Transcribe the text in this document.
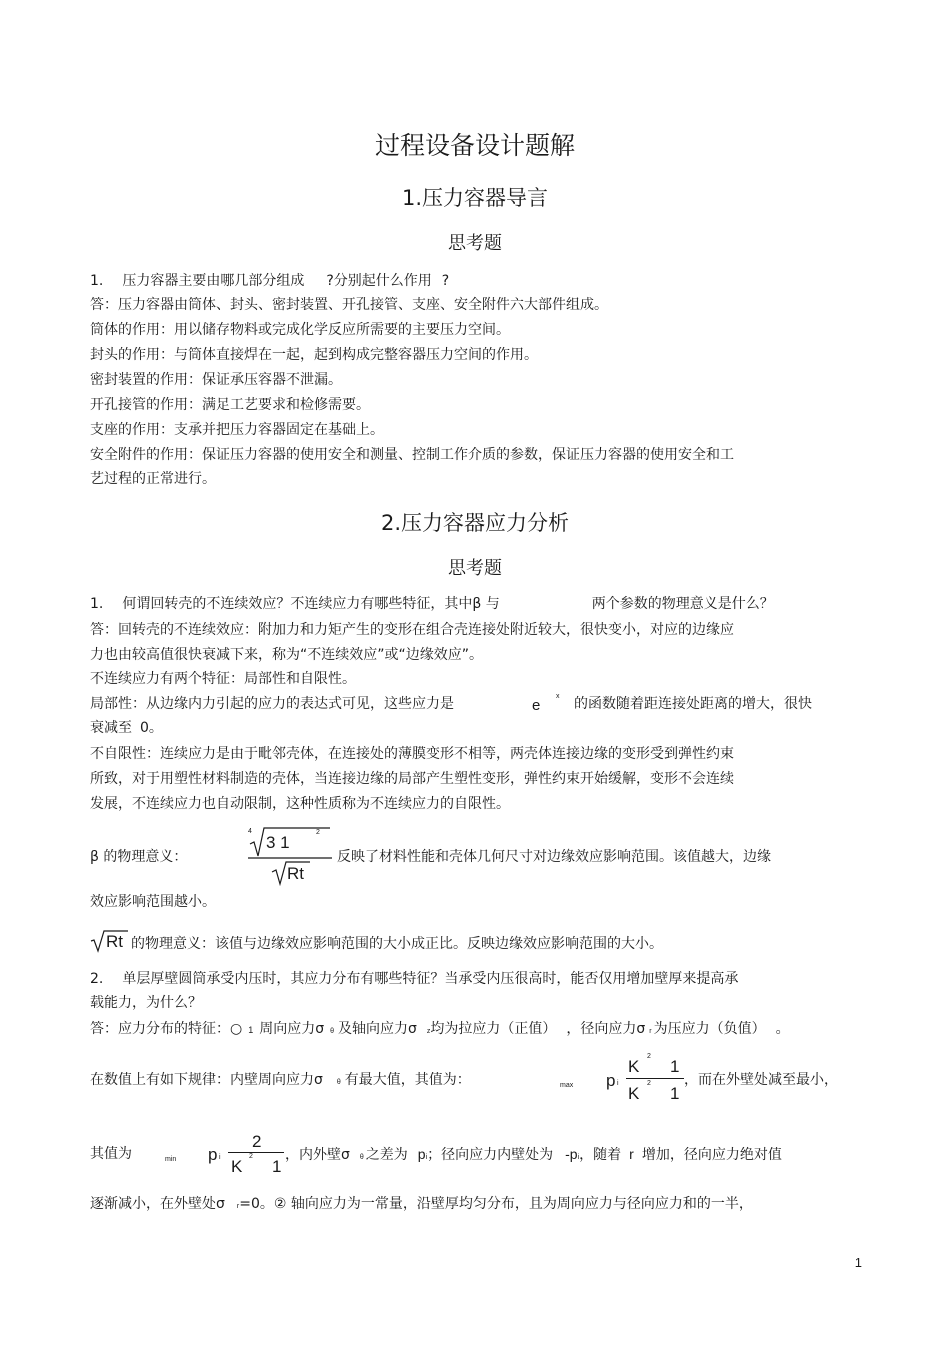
过程设备设计题解
1.压力容器导言
思考题
1. 压力容器主要由哪几部分组成 ?分别起什么作用 ?
答：压力容器由筒体、封头、密封装置、开孔接管、支座、安全附件六大部件组成。
筒体的作用：用以储存物料或完成化学反应所需要的主要压力空间。
封头的作用：与筒体直接焊在一起，起到构成完整容器压力空间的作用。
密封装置的作用：保证承压容器不泄漏。
开孔接管的作用：满足工艺要求和检修需要。
支座的作用：支承并把压力容器固定在基础上。
安全附件的作用：保证压力容器的使用安全和测量、控制工作介质的参数，保证压力容器的使用安全和工
艺过程的正常进行。
2.压力容器应力分析
思考题
1. 何谓回转壳的不连续效应？不连续应力有哪些特征，其中β 与	两个参数的物理意义是什么？
答：回转壳的不连续效应：附加力和力矩产生的变形在组合壳连接处附近较大，很快变小，对应的边缘应
力也由较高值很快衰减下来，称为“不连续效应”或“边缘效应”。
不连续应力有两个特征：局部性和自限性。
局部性：从边缘内力引起的应力的表达式可见，这些应力是	e
x 的函数随着距连接处距离的增大，很快
衰减至 0。
不自限性：连续应力是由于毗邻壳体，在连接处的薄膜变形不相等，两壳体连接边缘的变形受到弹性约束
所致，对于用塑性材料制造的壳体，当连接边缘的局部产生塑性变形，弹性约束开始缓解，变形不会连续
发展，不连续应力也自动限制，这种性质称为不连续应力的自限性。
β 的物理意义：
4
3 1
2
Rt
反映了材料性能和壳体几何尺寸对边缘效应影响范围。该值越大，边缘
效应影响范围越小。
Rt 的物理意义：该值与边缘效应影响范围的大小成正比。反映边缘效应影响范围的大小。
2. 单层厚壁圆筒承受内压时，其应力分布有哪些特征？当承受内压很高时，能否仅用增加壁厚来提高承
载能力，为什么？
答：应力分布的特征：○ 1 周向应力σ θ 及轴向应力σ z均为拉应力（正值） ，径向应力σ r 为压应力（负值） 。
在数值上有如下规律：内壁周向应力σ θ 有最大值，其值为：	max p i
K
2
1
K
2
1
，而在外壁处减至最小，
其值为	min p i
2
K
2
1
，内外壁σ θ 之差为 pi；径向应力内壁处为 -pi，随着 r 增加，径向应力绝对值
逐渐减小，在外壁处σ r=0。② 轴向应力为一常量，沿壁厚均匀分布，且为周向应力与径向应力和的一半，
1
